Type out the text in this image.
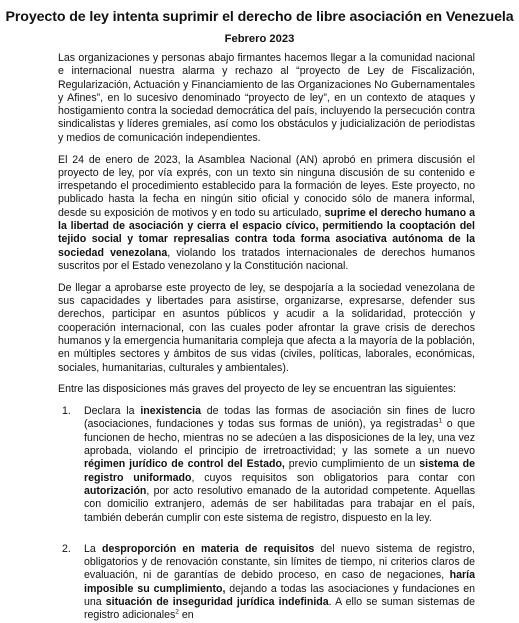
Proyecto de ley intenta suprimir el derecho de libre asociación en Venezuela
Febrero 2023

Las organizaciones y personas abajo firmantes hacemos llegar a la comunidad nacional e internacional nuestra alarma y rechazo al “proyecto de Ley de Fiscalización, Regularización, Actuación y Financiamiento de las Organizaciones No Gubernamentales y Afines”, en lo sucesivo denominado “proyecto de ley”, en un contexto de ataques y hostigamiento contra la sociedad democrática del país, incluyendo la persecución contra sindicalistas y líderes gremiales, así como los obstáculos y judicialización de periodistas y medios de comunicación independientes.

El 24 de enero de 2023, la Asamblea Nacional (AN) aprobó en primera discusión el proyecto de ley, por vía exprés, con un texto sin ninguna discusión de su contenido e irrespetando el procedimiento establecido para la formación de leyes. Este proyecto, no publicado hasta la fecha en ningún sitio oficial y conocido sólo de manera informal, desde su exposición de motivos y en todo su articulado, suprime el derecho humano a la libertad de asociación y cierra el espacio cívico, permitiendo la cooptación del tejido social y tomar represalias contra toda forma asociativa autónoma de la sociedad venezolana, violando los tratados internacionales de derechos humanos suscritos por el Estado venezolano y la Constitución nacional.

De llegar a aprobarse este proyecto de ley, se despojaría a la sociedad venezolana de sus capacidades y libertades para asistirse, organizarse, expresarse, defender sus derechos, participar en asuntos públicos y acudir a la solidaridad, protección y cooperación internacional, con las cuales poder afrontar la grave crisis de derechos humanos y la emergencia humanitaria compleja que afecta a la mayoría de la población, en múltiples sectores y ámbitos de sus vidas (civiles, políticas, laborales, económicas, sociales, humanitarias, culturales y ambientales).

Entre las disposiciones más graves del proyecto de ley se encuentran las siguientes:

1. Declara la inexistencia de todas las formas de asociación sin fines de lucro (asociaciones, fundaciones y todas sus formas de unión), ya registradas$^1$ o que funcionen de hecho, mientras no se adecúen a las disposiciones de la ley, una vez aprobada, violando el principio de irretroactividad; y las somete a un nuevo régimen jurídico de control del Estado, previo cumplimiento de un sistema de registro uniformado, cuyos requisitos son obligatorios para contar con autorización, por acto resolutivo emanado de la autoridad competente. Aquellas con domicilio extranjero, además de ser habilitadas para trabajar en el país, también deberán cumplir con este sistema de registro, dispuesto en la ley.
2. La desproporción en materia de requisitos del nuevo sistema de registro, obligatorios y de renovación constante, sin límites de tiempo, ni criterios claros de evaluación, ni de garantías de debido proceso, en caso de negaciones, haría imposible su cumplimiento, dejando a todas las asociaciones y fundaciones en una situación de inseguridad jurídica indefinida. A ello se suman sistemas de registro adicionales$^2$ en
